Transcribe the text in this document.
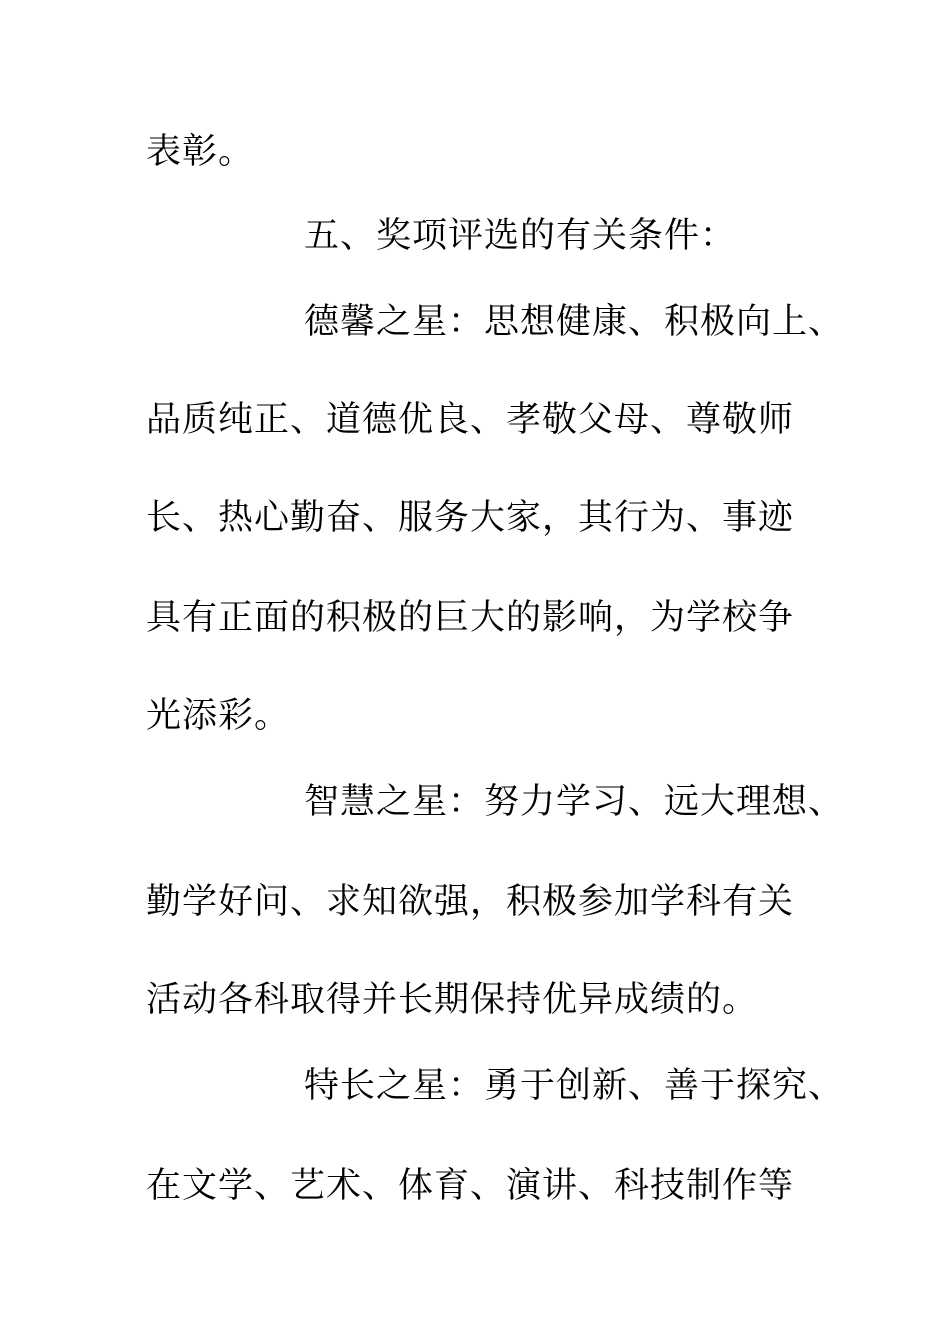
表彰。
五、奖项评选的有关条件：
德馨之星：思想健康、积极向上、
品质纯正、道德优良、孝敬父母、尊敬师
长、热心勤奋、服务大家，其行为、事迹
具有正面的积极的巨大的影响，为学校争
光添彩。
智慧之星：努力学习、远大理想、
勤学好问、求知欲强，积极参加学科有关
活动各科取得并长期保持优异成绩的。
特长之星：勇于创新、善于探究、
在文学、艺术、体育、演讲、科技制作等
